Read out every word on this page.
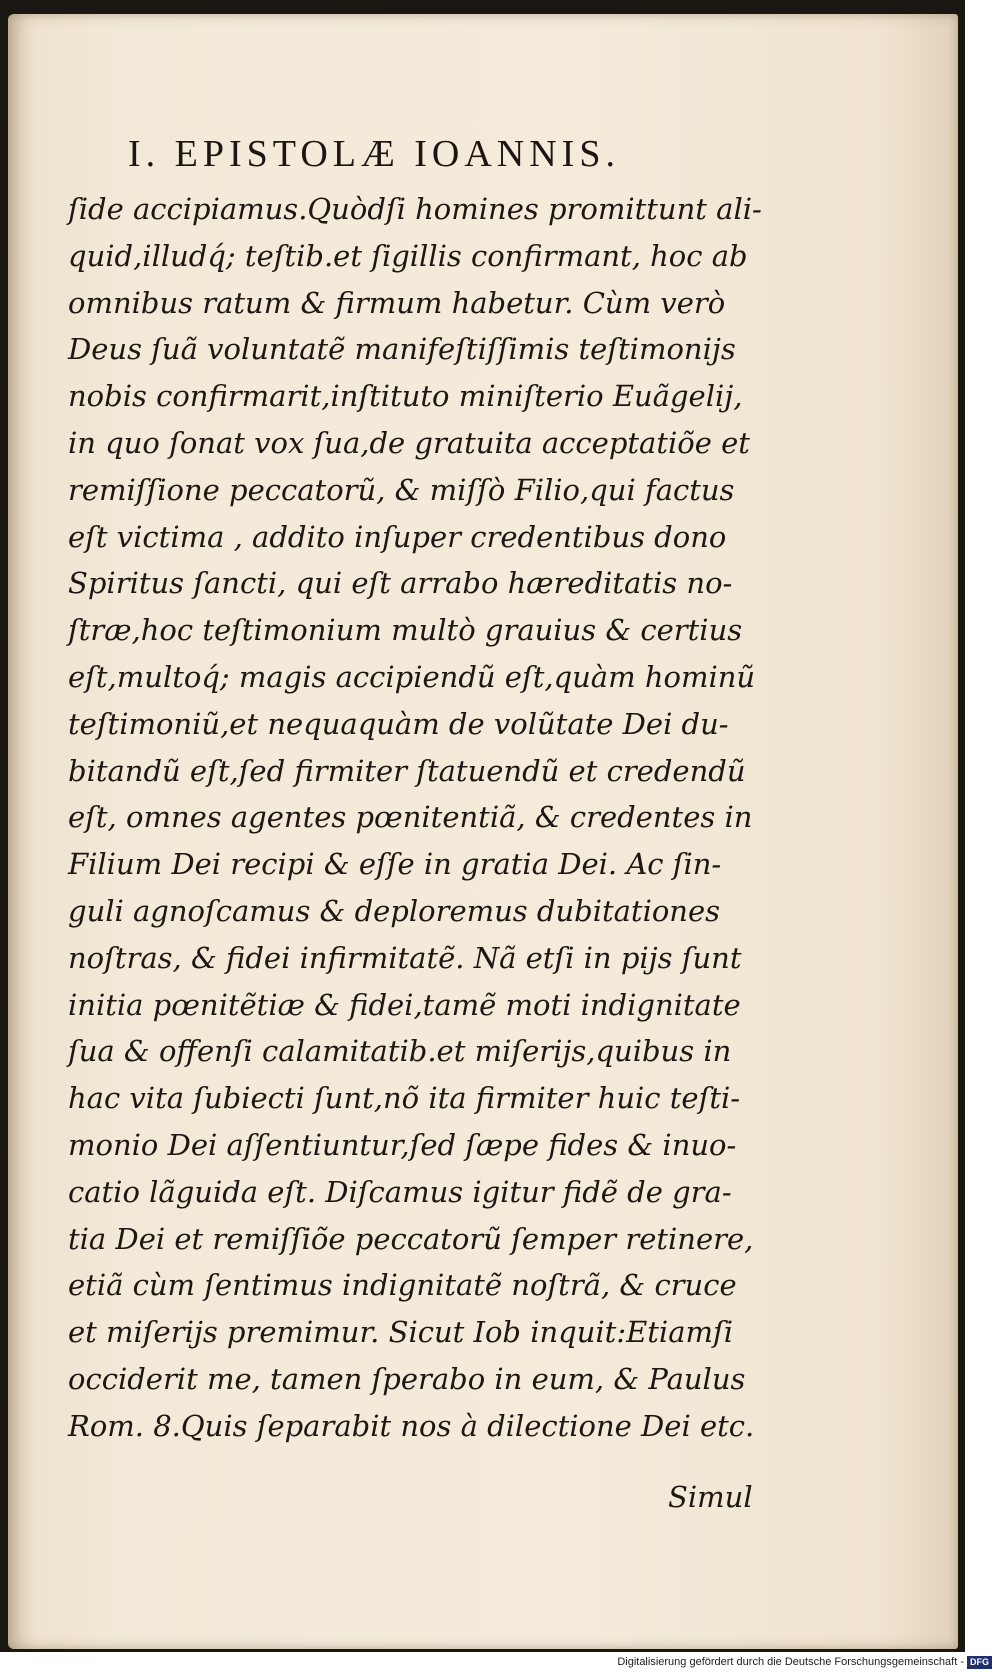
I. EPISTOLÆ IOANNIS.
ſide accipiamus.Quòdſi homines promittunt ali-
quid,illudq́; teſtib.et ſigillis confirmant, hoc ab
omnibus ratum & firmum habetur. Cùm verò
Deus ſuã voluntatẽ manifeſtiſſimis teſtimonijs
nobis confirmarit,inſtituto miniſterio Euãgelij,
in quo ſonat vox ſua,de gratuita acceptatiõe et
remiſſione peccatorũ, & miſſò Filio,qui factus
eſt victima , addito inſuper credentibus dono
Spiritus ſancti, qui eſt arrabo hæreditatis no-
ſtræ,hoc teſtimonium multò grauius & certius
eſt,multoq́; magis accipiendũ eſt,quàm hominũ
teſtimoniũ,et nequaquàm de volũtate Dei du-
bitandũ eſt,ſed firmiter ſtatuendũ et credendũ
eſt, omnes agentes pœnitentiã, & credentes in
Filium Dei recipi & eſſe in gratia Dei. Ac ſin-
guli agnoſcamus & deploremus dubitationes
noſtras, & fidei infirmitatẽ. Nã etſi in pijs ſunt
initia pœnitẽtiæ & fidei,tamẽ moti indignitate
ſua & offenſi calamitatib.et miſerijs,quibus in
hac vita ſubiecti ſunt,nõ ita firmiter huic teſti-
monio Dei aſſentiuntur,ſed ſæpe fides & inuo-
catio lãguida eſt. Diſcamus igitur fidẽ de gra-
tia Dei et remiſſiõe peccatorũ ſemper retinere,
etiã cùm ſentimus indignitatẽ noſtrã, & cruce
et miſerijs premimur. Sicut Iob inquit:Etiamſi
occiderit me, tamen ſperabo in eum, & Paulus
Rom. 8.Quis ſeparabit nos à dilectione Dei etc.
Simul
Digitalisierung gefördert durch die Deutsche Forschungsgemeinschaft - DFG
